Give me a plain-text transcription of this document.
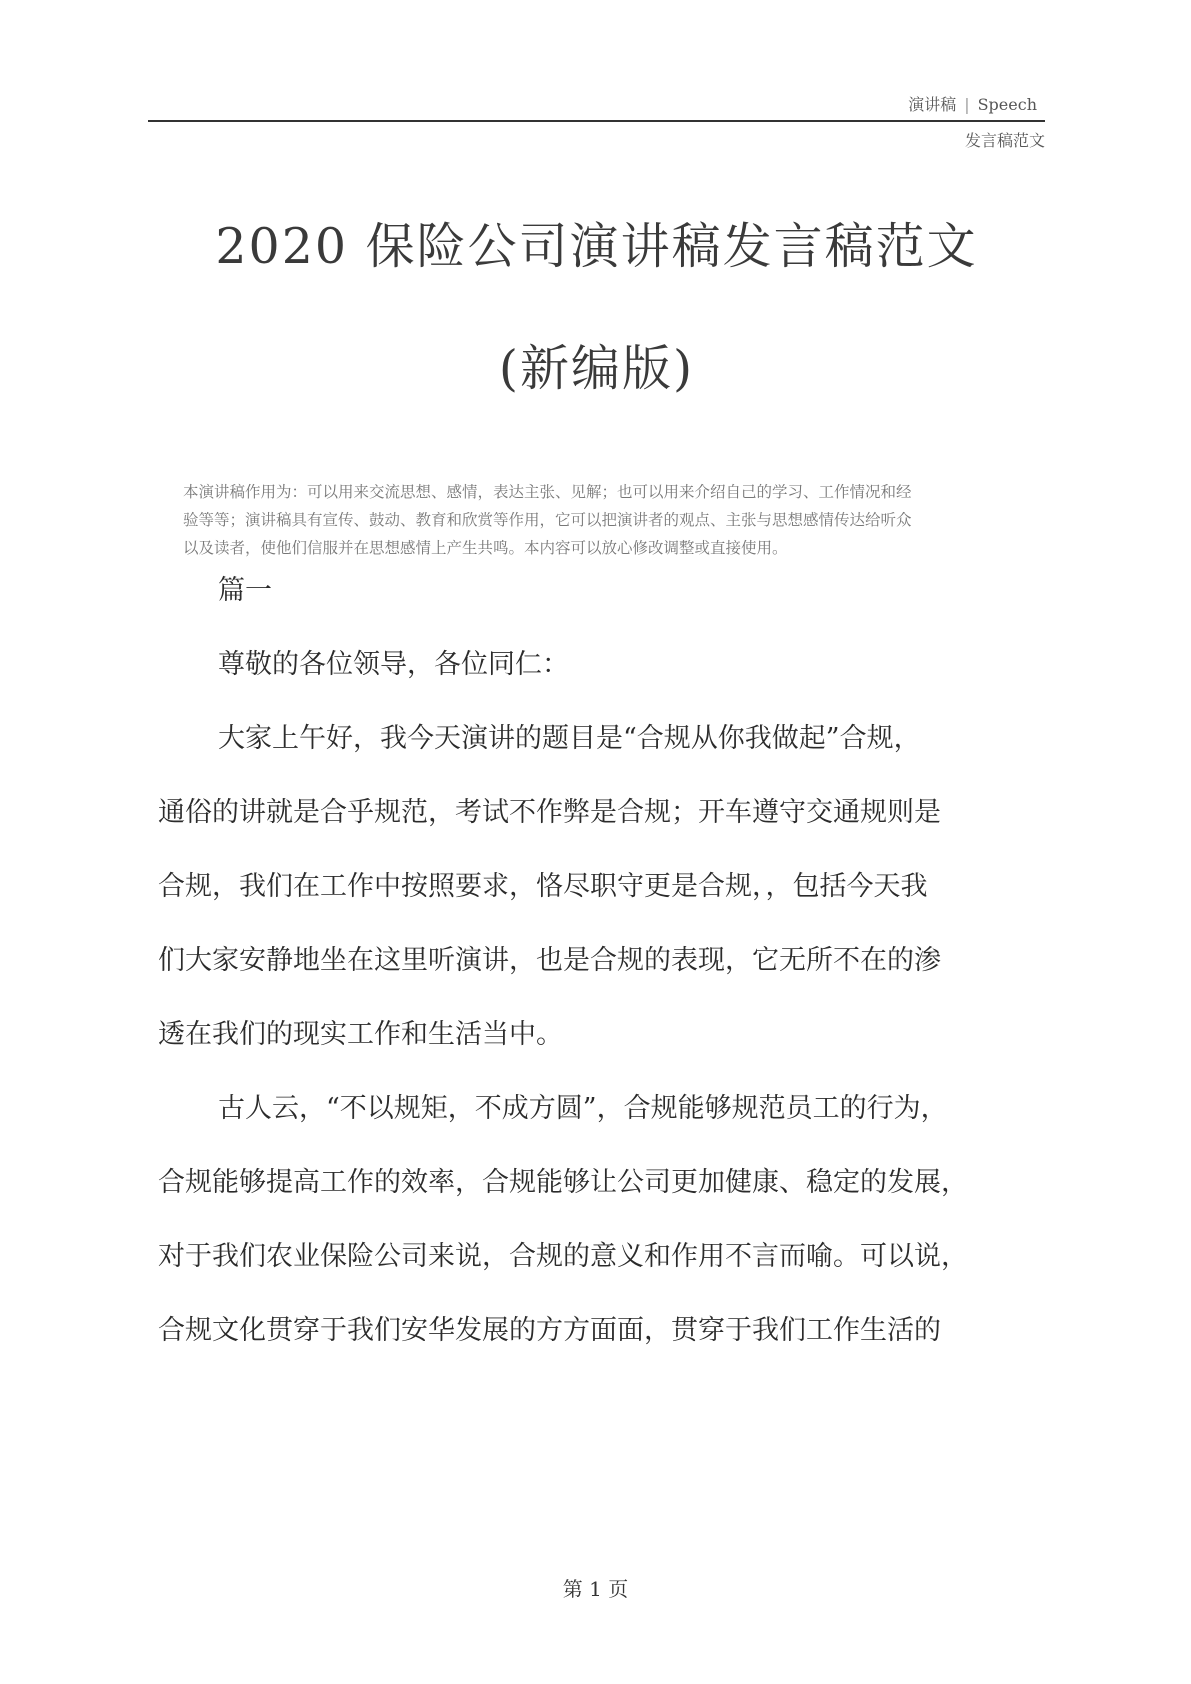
演讲稿 | Speech
发言稿范文
2020 保险公司演讲稿发言稿范文
(新编版)

本演讲稿作用为：可以用来交流思想、感情，表达主张、见解；也可以用来介绍自己的学习、工作情况和经

验等等；演讲稿具有宣传、鼓动、教育和欣赏等作用，它可以把演讲者的观点、主张与思想感情传达给听众

以及读者，使他们信服并在思想感情上产生共鸣。本内容可以放心修改调整或直接使用。

篇一
尊敬的各位领导，各位同仁：
大家上午好，我今天演讲的题目是“合规从你我做起”合规，
通俗的讲就是合乎规范，考试不作弊是合规；开车遵守交通规则是
合规，我们在工作中按照要求，恪尽职守更是合规，，包括今天我
们大家安静地坐在这里听演讲，也是合规的表现，它无所不在的渗
透在我们的现实工作和生活当中。
古人云，“不以规矩，不成方圆”，合规能够规范员工的行为，
合规能够提高工作的效率，合规能够让公司更加健康、稳定的发展，
对于我们农业保险公司来说，合规的意义和作用不言而喻。可以说，
合规文化贯穿于我们安华发展的方方面面，贯穿于我们工作生活的
第 1 页
